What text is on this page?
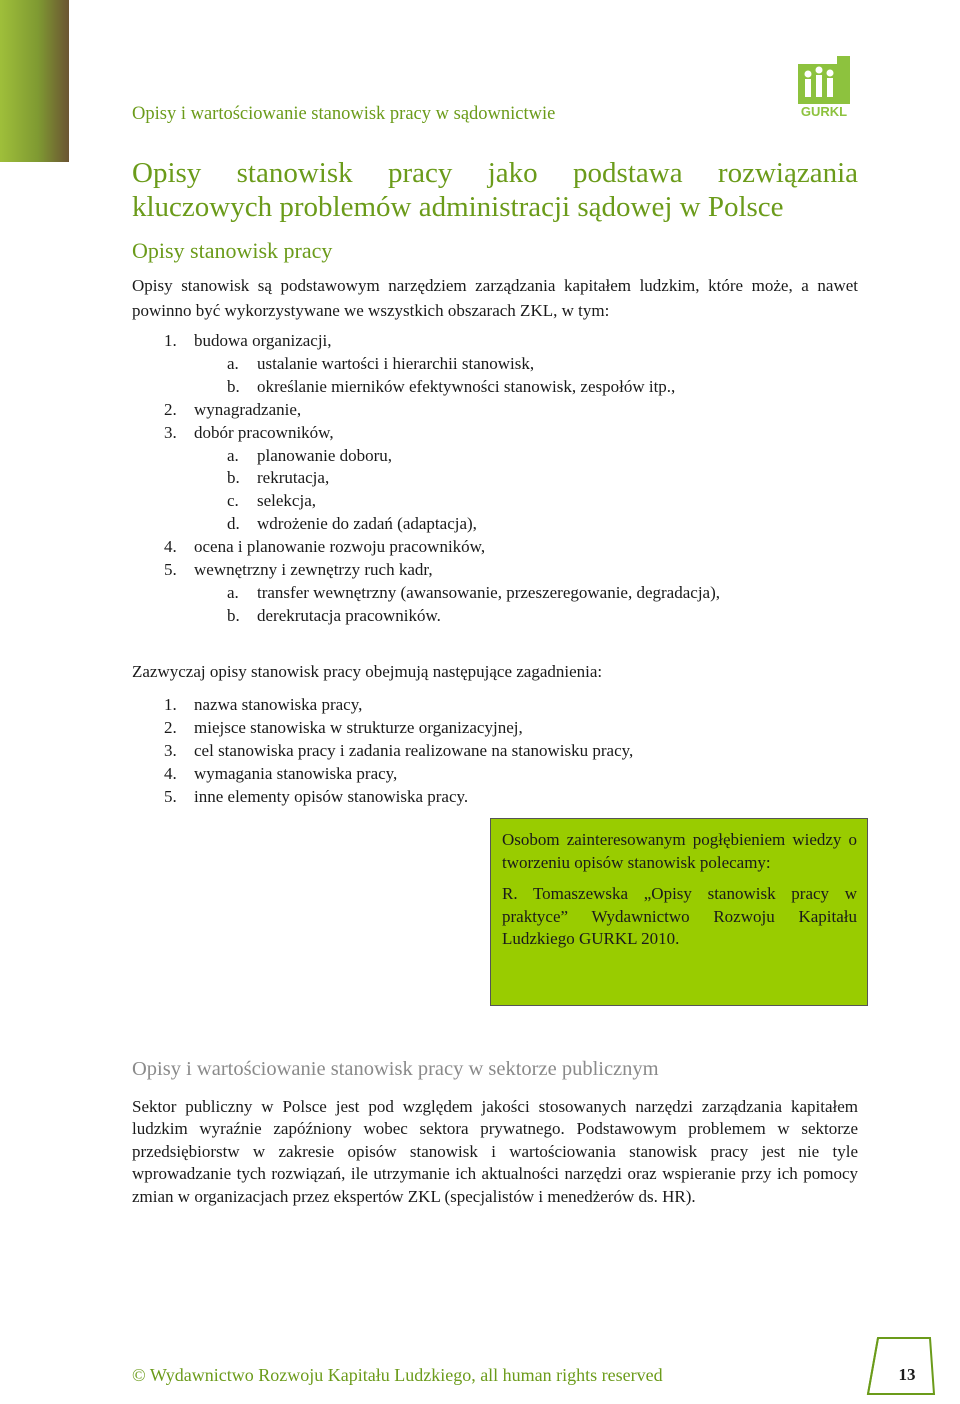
GURKL
Opisy i wartościowanie stanowisk pracy w sądownictwie
Opisy stanowisk pracy jako podstawa rozwiązania kluczowych problemów administracji sądowej w Polsce
Opisy stanowisk pracy

Opisy stanowisk są podstawowym narzędziem zarządzania kapitałem ludzkim, które może, a nawet powinno być wykorzystywane we wszystkich obszarach ZKL, w tym:

1. budowa organizacji,
a. ustalanie wartości i hierarchii stanowisk,
b. określanie mierników efektywności stanowisk, zespołów itp.,
2. wynagradzanie,
3. dobór pracowników,
a. planowanie doboru,
b. rekrutacja,
c. selekcja,
d. wdrożenie do zadań (adaptacja),
4. ocena i planowanie rozwoju pracowników,
5. wewnętrzny i zewnętrzy ruch kadr,
a. transfer wewnętrzny (awansowanie, przeszeregowanie, degradacja),
b. derekrutacja pracowników.

Zazwyczaj opisy stanowisk pracy obejmują następujące zagadnienia:

1. nazwa stanowiska pracy,
2. miejsce stanowiska w strukturze organizacyjnej,
3. cel stanowiska pracy i zadania realizowane na stanowisku pracy,
4. wymagania stanowiska pracy,
5. inne elementy opisów stanowiska pracy.

Osobom zainteresowanym pogłębieniem wiedzy o tworzeniu opisów stanowisk polecamy:

R. Tomaszewska „Opisy stanowisk pracy w praktyce” Wydawnictwo Rozwoju Kapitału Ludzkiego GURKL 2010.

Opisy i wartościowanie stanowisk pracy w sektorze publicznym

Sektor publiczny w Polsce jest pod względem jakości stosowanych narzędzi zarządzania kapitałem ludzkim wyraźnie zapóźniony wobec sektora prywatnego. Podstawowym problemem w sektorze przedsiębiorstw w zakresie opisów stanowisk i wartościowania stanowisk pracy jest nie tyle wprowadzanie tych rozwiązań, ile utrzymanie ich aktualności narzędzi oraz wspieranie przy ich pomocy zmian w organizacjach przez ekspertów ZKL (specjalistów i menedżerów ds. HR).

© Wydawnictwo Rozwoju Kapitału Ludzkiego, all human rights reserved	13
